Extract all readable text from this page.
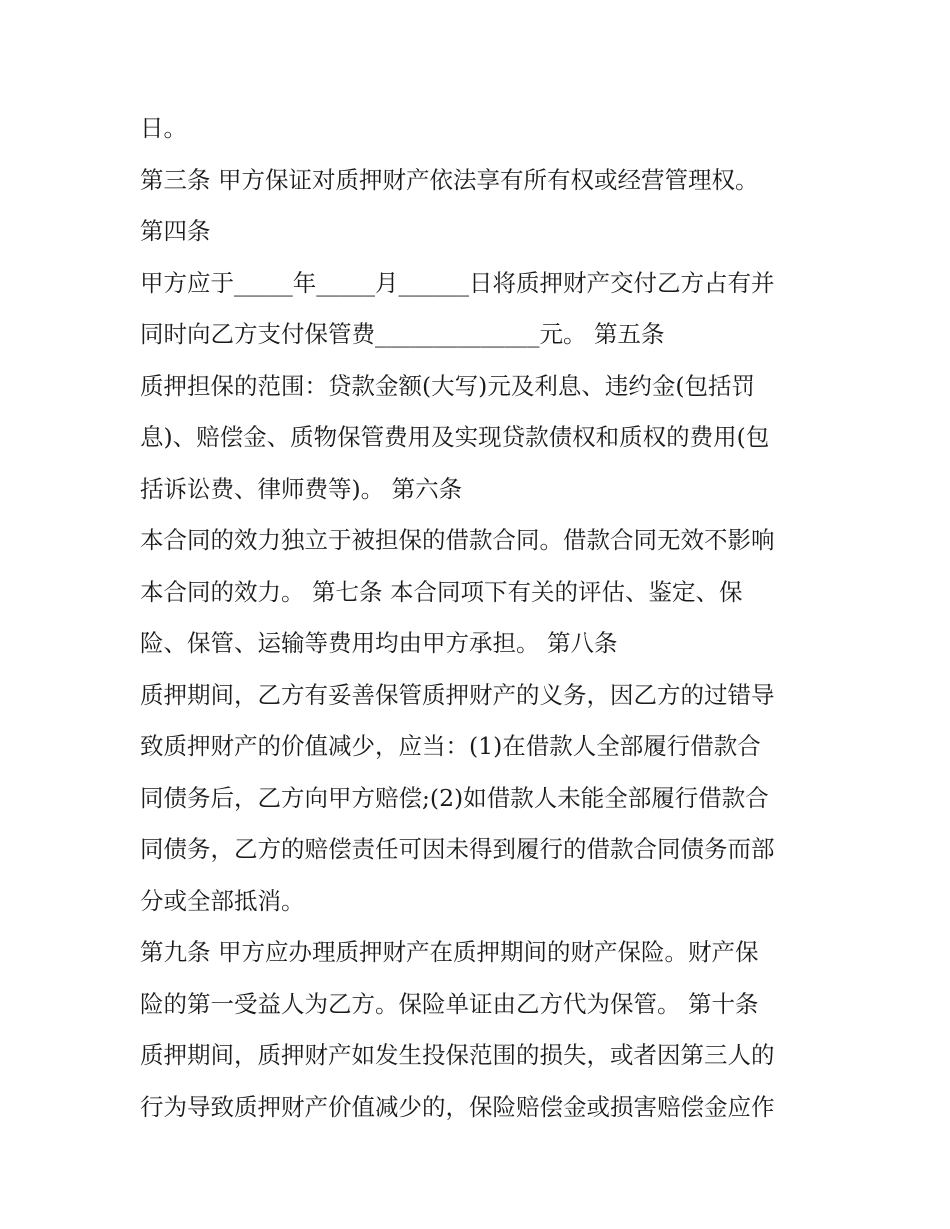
日。
第三条 甲方保证对质押财产依法享有所有权或经营管理权。
第四条
甲方应于_____年_____月______日将质押财产交付乙方占有并
同时向乙方支付保管费______________元。 第五条
质押担保的范围：贷款金额(大写)元及利息、违约金(包括罚
息)、赔偿金、质物保管费用及实现贷款债权和质权的费用(包
括诉讼费、律师费等)。 第六条
本合同的效力独立于被担保的借款合同。借款合同无效不影响
本合同的效力。 第七条 本合同项下有关的评估、鉴定、保
险、保管、运输等费用均由甲方承担。 第八条
质押期间，乙方有妥善保管质押财产的义务，因乙方的过错导
致质押财产的价值减少，应当：(1)在借款人全部履行借款合
同债务后，乙方向甲方赔偿;(2)如借款人未能全部履行借款合
同债务，乙方的赔偿责任可因未得到履行的借款合同债务而部
分或全部抵消。
第九条 甲方应办理质押财产在质押期间的财产保险。财产保
险的第一受益人为乙方。保险单证由乙方代为保管。 第十条
质押期间，质押财产如发生投保范围的损失，或者因第三人的
行为导致质押财产价值减少的，保险赔偿金或损害赔偿金应作
